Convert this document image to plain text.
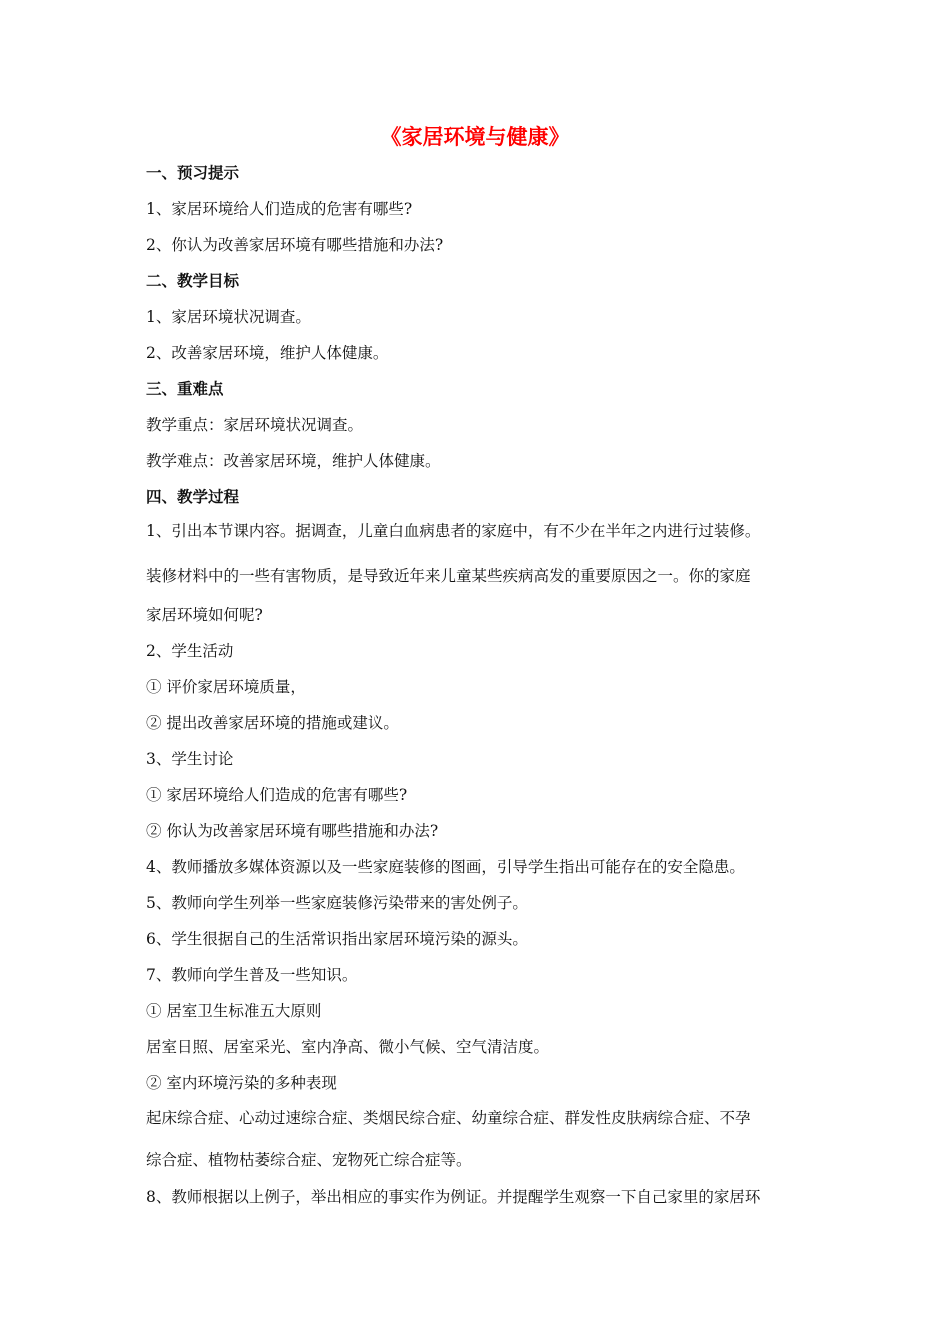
《家居环境与健康》

一、预习提示

1、家居环境给人们造成的危害有哪些?

2、你认为改善家居环境有哪些措施和办法?

二、教学目标

1、家居环境状况调查。

2、改善家居环境，维护人体健康。

三、重难点

教学重点：家居环境状况调查。

教学难点：改善家居环境，维护人体健康。

四、教学过程

1、引出本节课内容。据调查，儿童白血病患者的家庭中，有不少在半年之内进行过装修。

装修材料中的一些有害物质，是导致近年来儿童某些疾病高发的重要原因之一。你的家庭

家居环境如何呢?

2、学生活动

① 评价家居环境质量，

② 提出改善家居环境的措施或建议。

3、学生讨论

① 家居环境给人们造成的危害有哪些?

② 你认为改善家居环境有哪些措施和办法?

4、教师播放多媒体资源以及一些家庭装修的图画，引导学生指出可能存在的安全隐患。

5、教师向学生列举一些家庭装修污染带来的害处例子。

6、学生很据自己的生活常识指出家居环境污染的源头。

7、教师向学生普及一些知识。

① 居室卫生标准五大原则

居室日照、居室采光、室内净高、微小气候、空气清洁度。

② 室内环境污染的多种表现

起床综合症、心动过速综合症、类烟民综合症、幼童综合症、群发性皮肤病综合症、不孕

综合症、植物枯萎综合症、宠物死亡综合症等。

8、教师根据以上例子，举出相应的事实作为例证。并提醒学生观察一下自己家里的家居环
